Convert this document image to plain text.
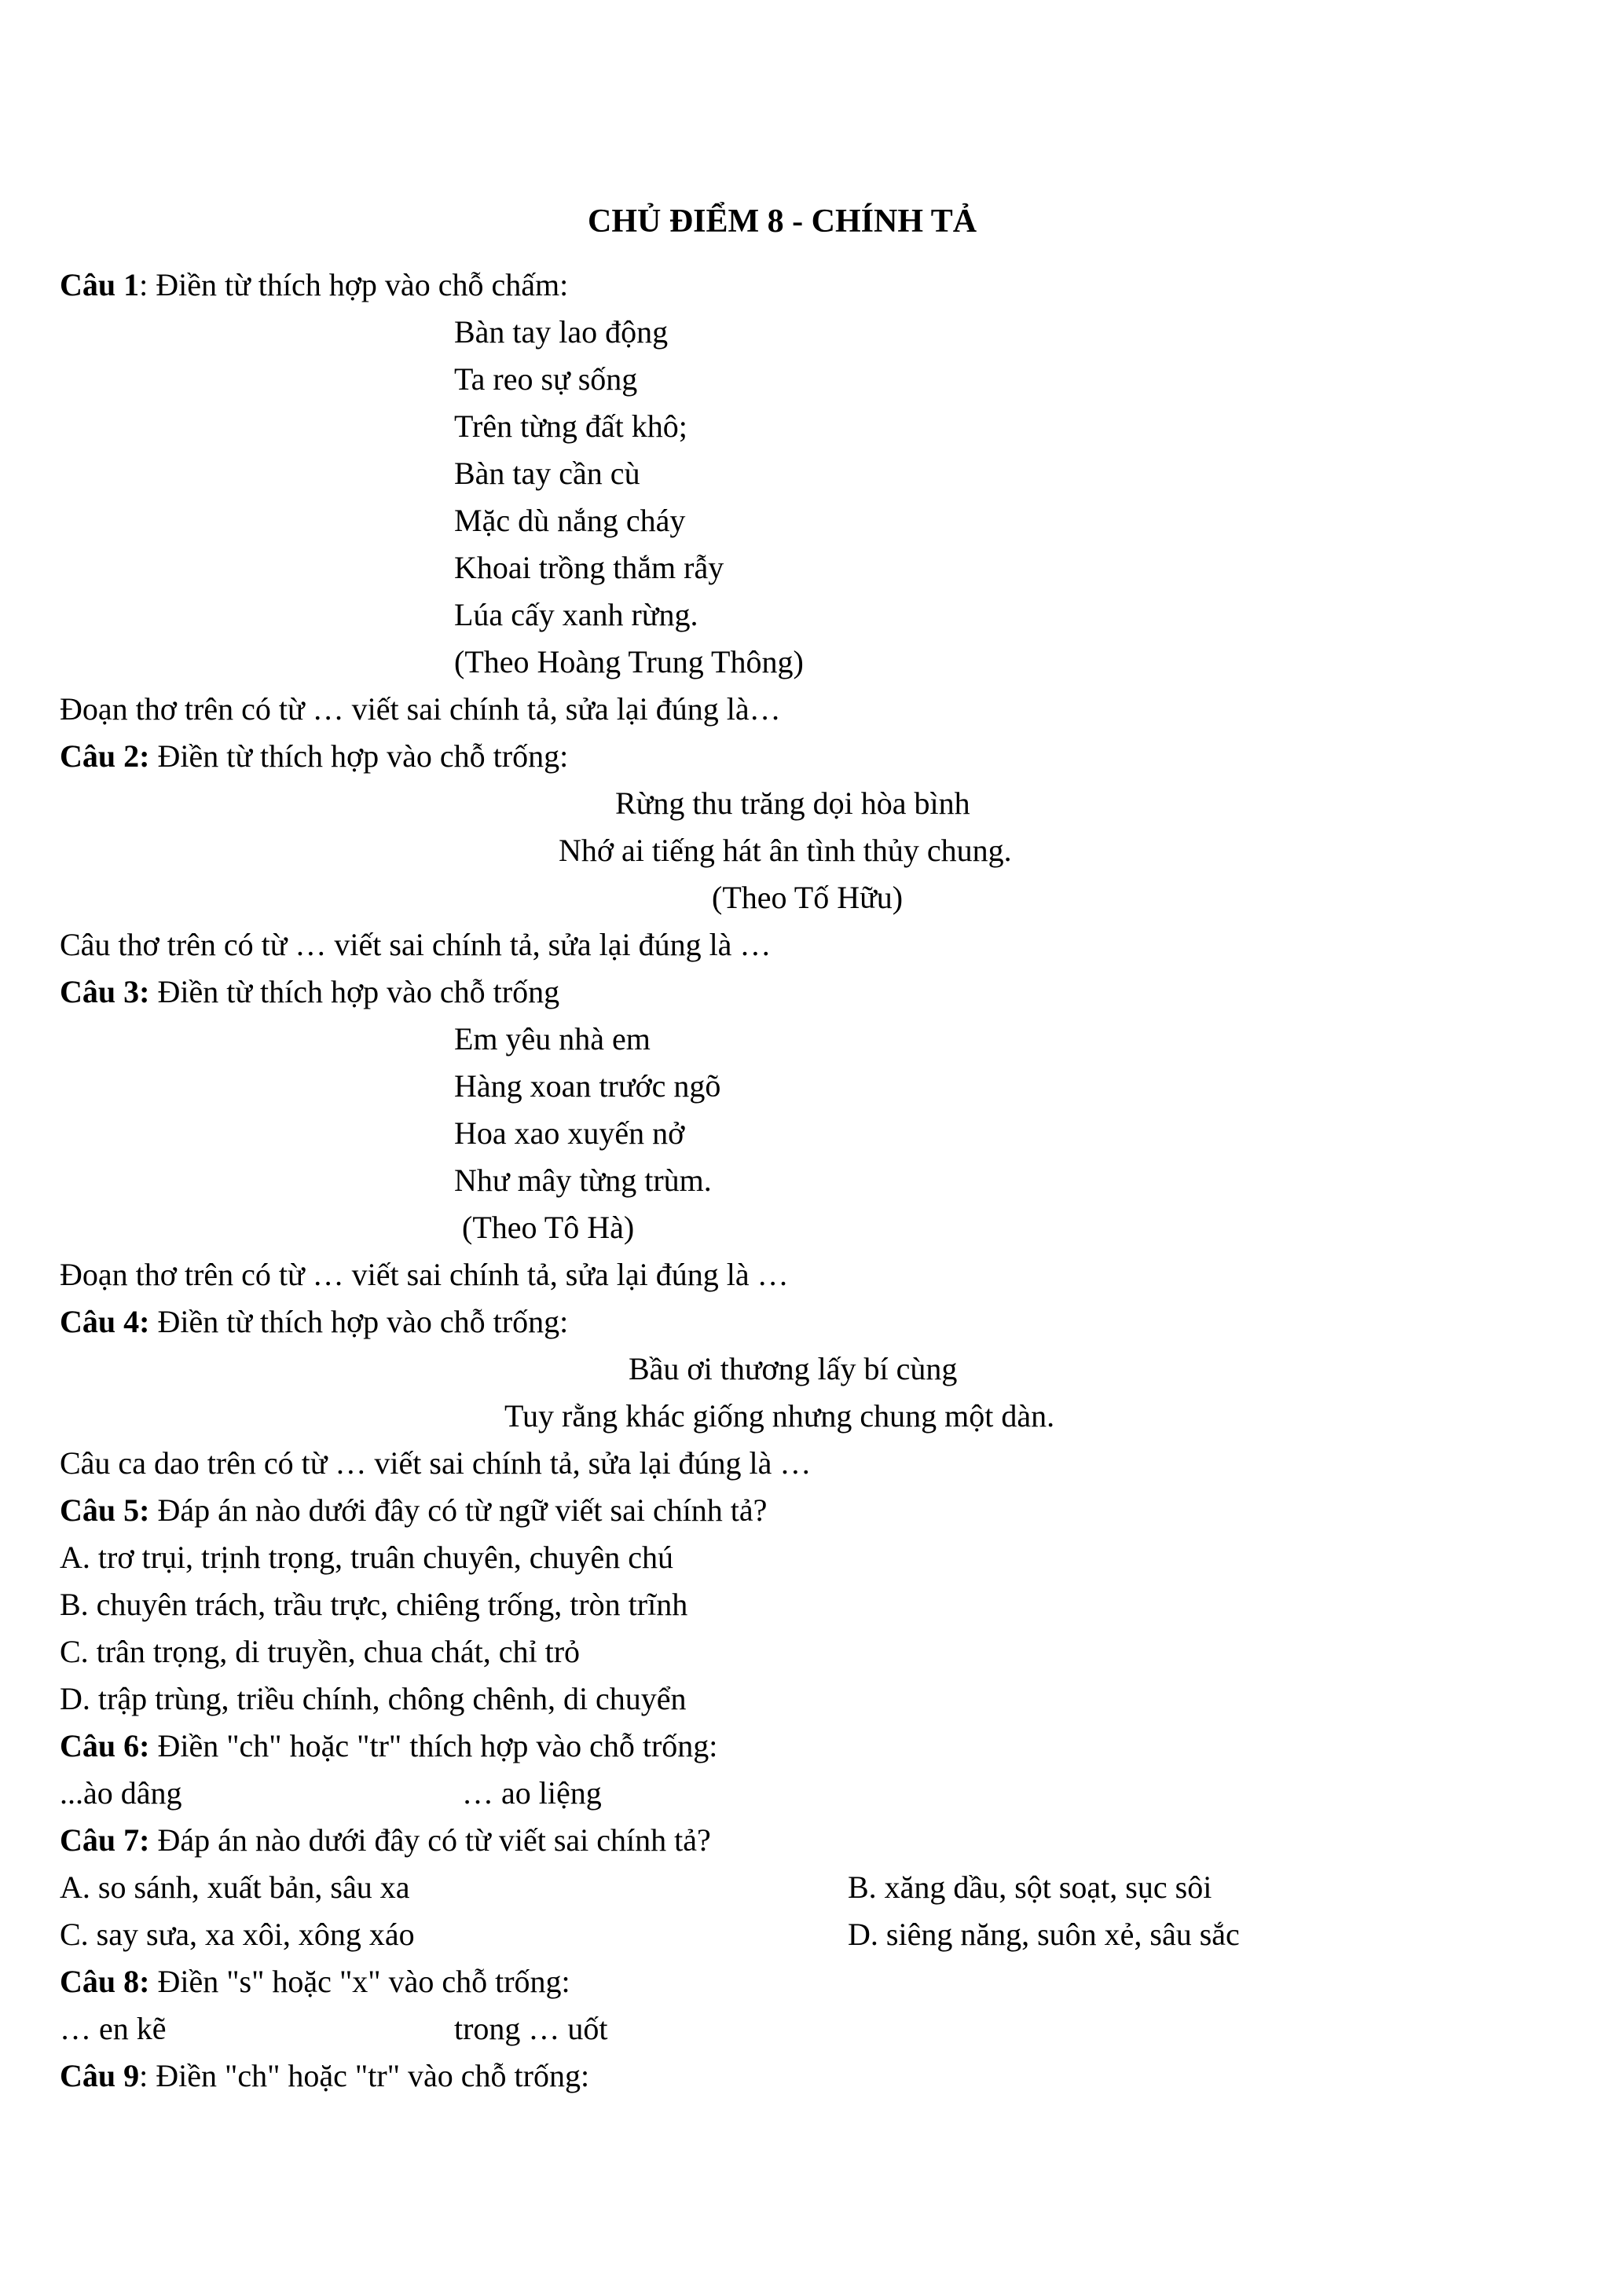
CHỦ ĐIỂM 8 - CHÍNH TẢ
Câu 1: Điền từ thích hợp vào chỗ chấm:
Bàn tay lao động
Ta reo sự sống
Trên từng đất khô;
Bàn tay cần cù
Mặc dù nắng cháy
Khoai trồng thắm rẫy
Lúa cấy xanh rừng.
(Theo Hoàng Trung Thông)
Đoạn thơ trên có từ … viết sai chính tả, sửa lại đúng là…
Câu 2: Điền từ thích hợp vào chỗ trống:
Rừng thu trăng dọi hòa bình
Nhớ ai tiếng hát ân tình thủy chung.
(Theo Tố Hữu)
Câu thơ trên có từ … viết sai chính tả, sửa lại đúng là …
Câu 3: Điền từ thích hợp vào chỗ trống
Em yêu nhà em
Hàng xoan trước ngõ
Hoa xao xuyến nở
Như mây từng trùm.
(Theo Tô Hà)
Đoạn thơ trên có từ … viết sai chính tả, sửa lại đúng là …
Câu 4: Điền từ thích hợp vào chỗ trống:
Bầu ơi thương lấy bí cùng
Tuy rằng khác giống nhưng chung một dàn.
Câu ca dao trên có từ … viết sai chính tả, sửa lại đúng là …
Câu 5: Đáp án nào dưới đây có từ ngữ viết sai chính tả?
A. trơ trụi, trịnh trọng, truân chuyên, chuyên chú
B. chuyên trách, trầu trực, chiêng trống, tròn trĩnh
C. trân trọng, di truyền, chua chát, chỉ trỏ
D. trập trùng, triều chính, chông chênh, di chuyển
Câu 6: Điền "ch" hoặc "tr" thích hợp vào chỗ trống:
...ào dâng	… ao liệng
Câu 7: Đáp án nào dưới đây có từ viết sai chính tả?
A. so sánh, xuất bản, sâu xa	B. xăng dầu, sột soạt, sục sôi
C. say sưa, xa xôi, xông xáo	D. siêng năng, suôn xẻ, sâu sắc
Câu 8: Điền "s" hoặc "x" vào chỗ trống:
… en kẽ	trong … uốt
Câu 9: Điền "ch" hoặc "tr" vào chỗ trống:
